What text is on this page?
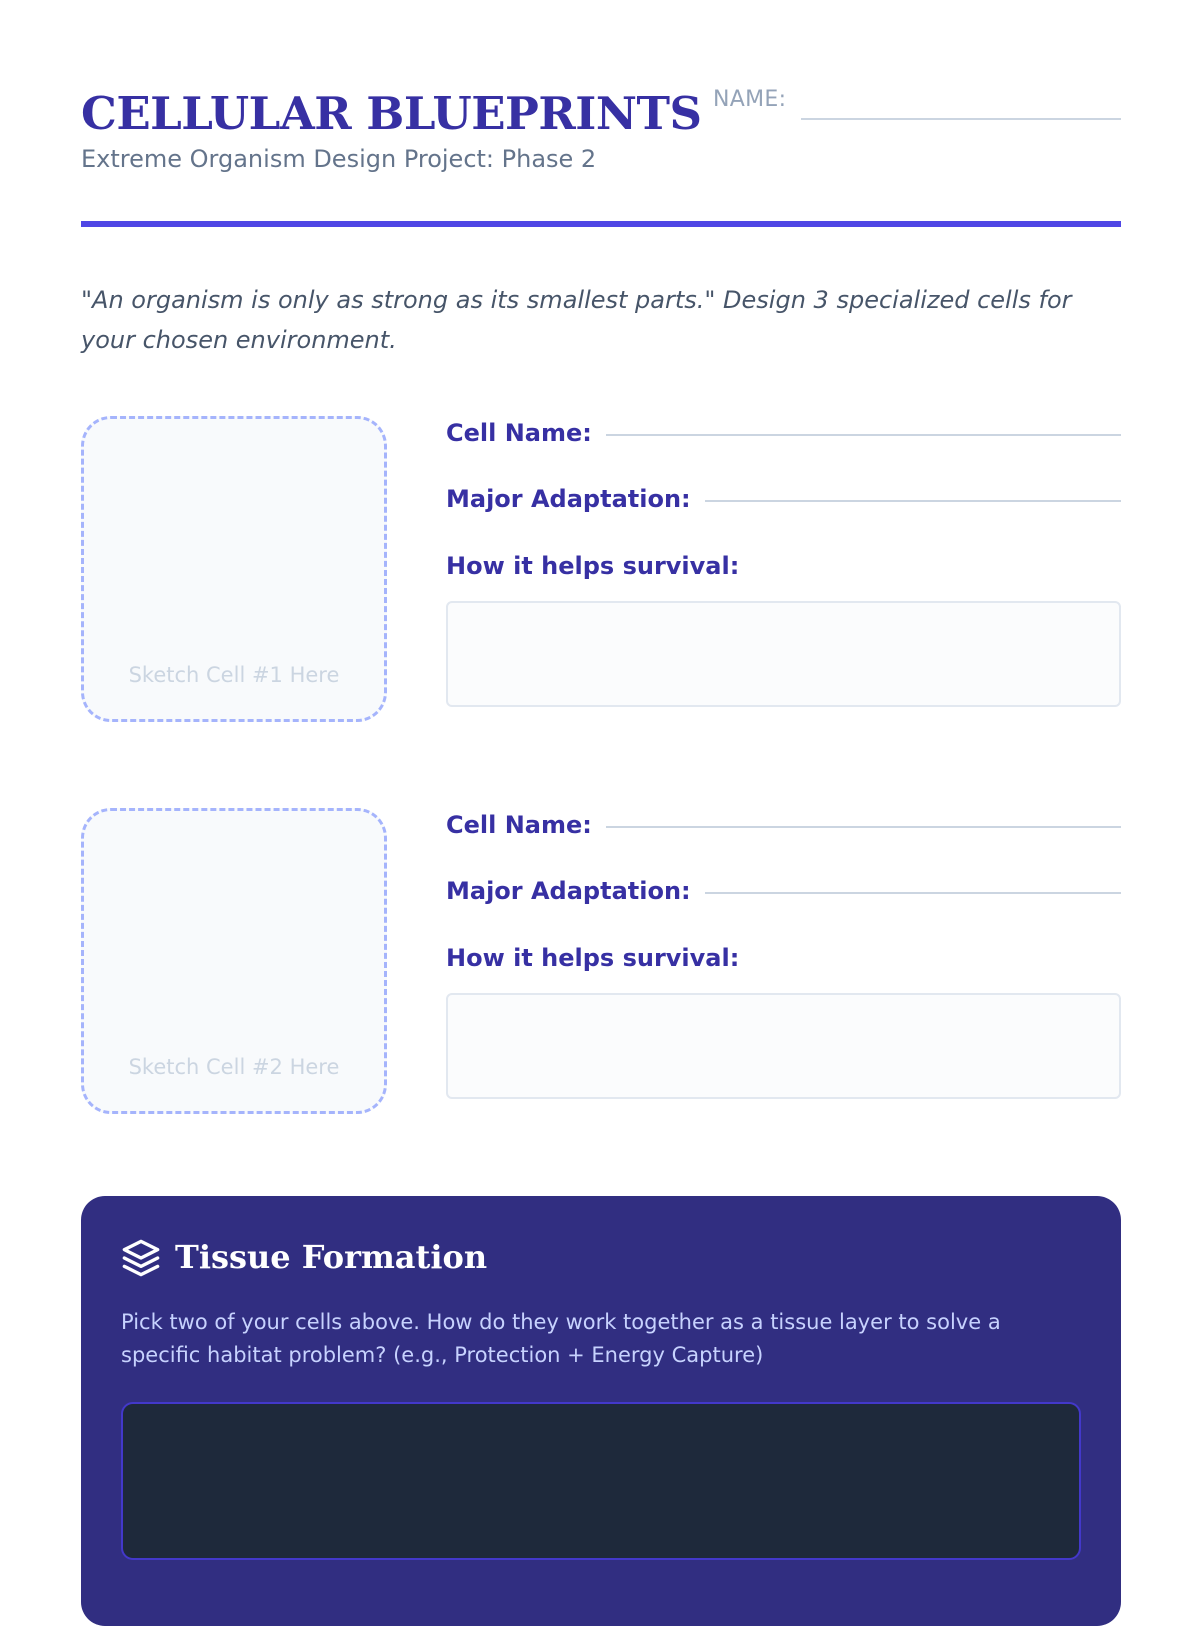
CELLULAR BLUEPRINTS
Extreme Organism Design Project: Phase 2
NAME:
"An organism is only as strong as its smallest parts." Design 3 specialized cells for your chosen environment.
Sketch Cell #1 Here
Cell Name:
Major Adaptation:
How it helps survival:
Sketch Cell #2 Here
Cell Name:
Major Adaptation:
How it helps survival:
Tissue Formation
Pick two of your cells above. How do they work together as a tissue layer to solve a specific habitat problem? (e.g., Protection + Energy Capture)
